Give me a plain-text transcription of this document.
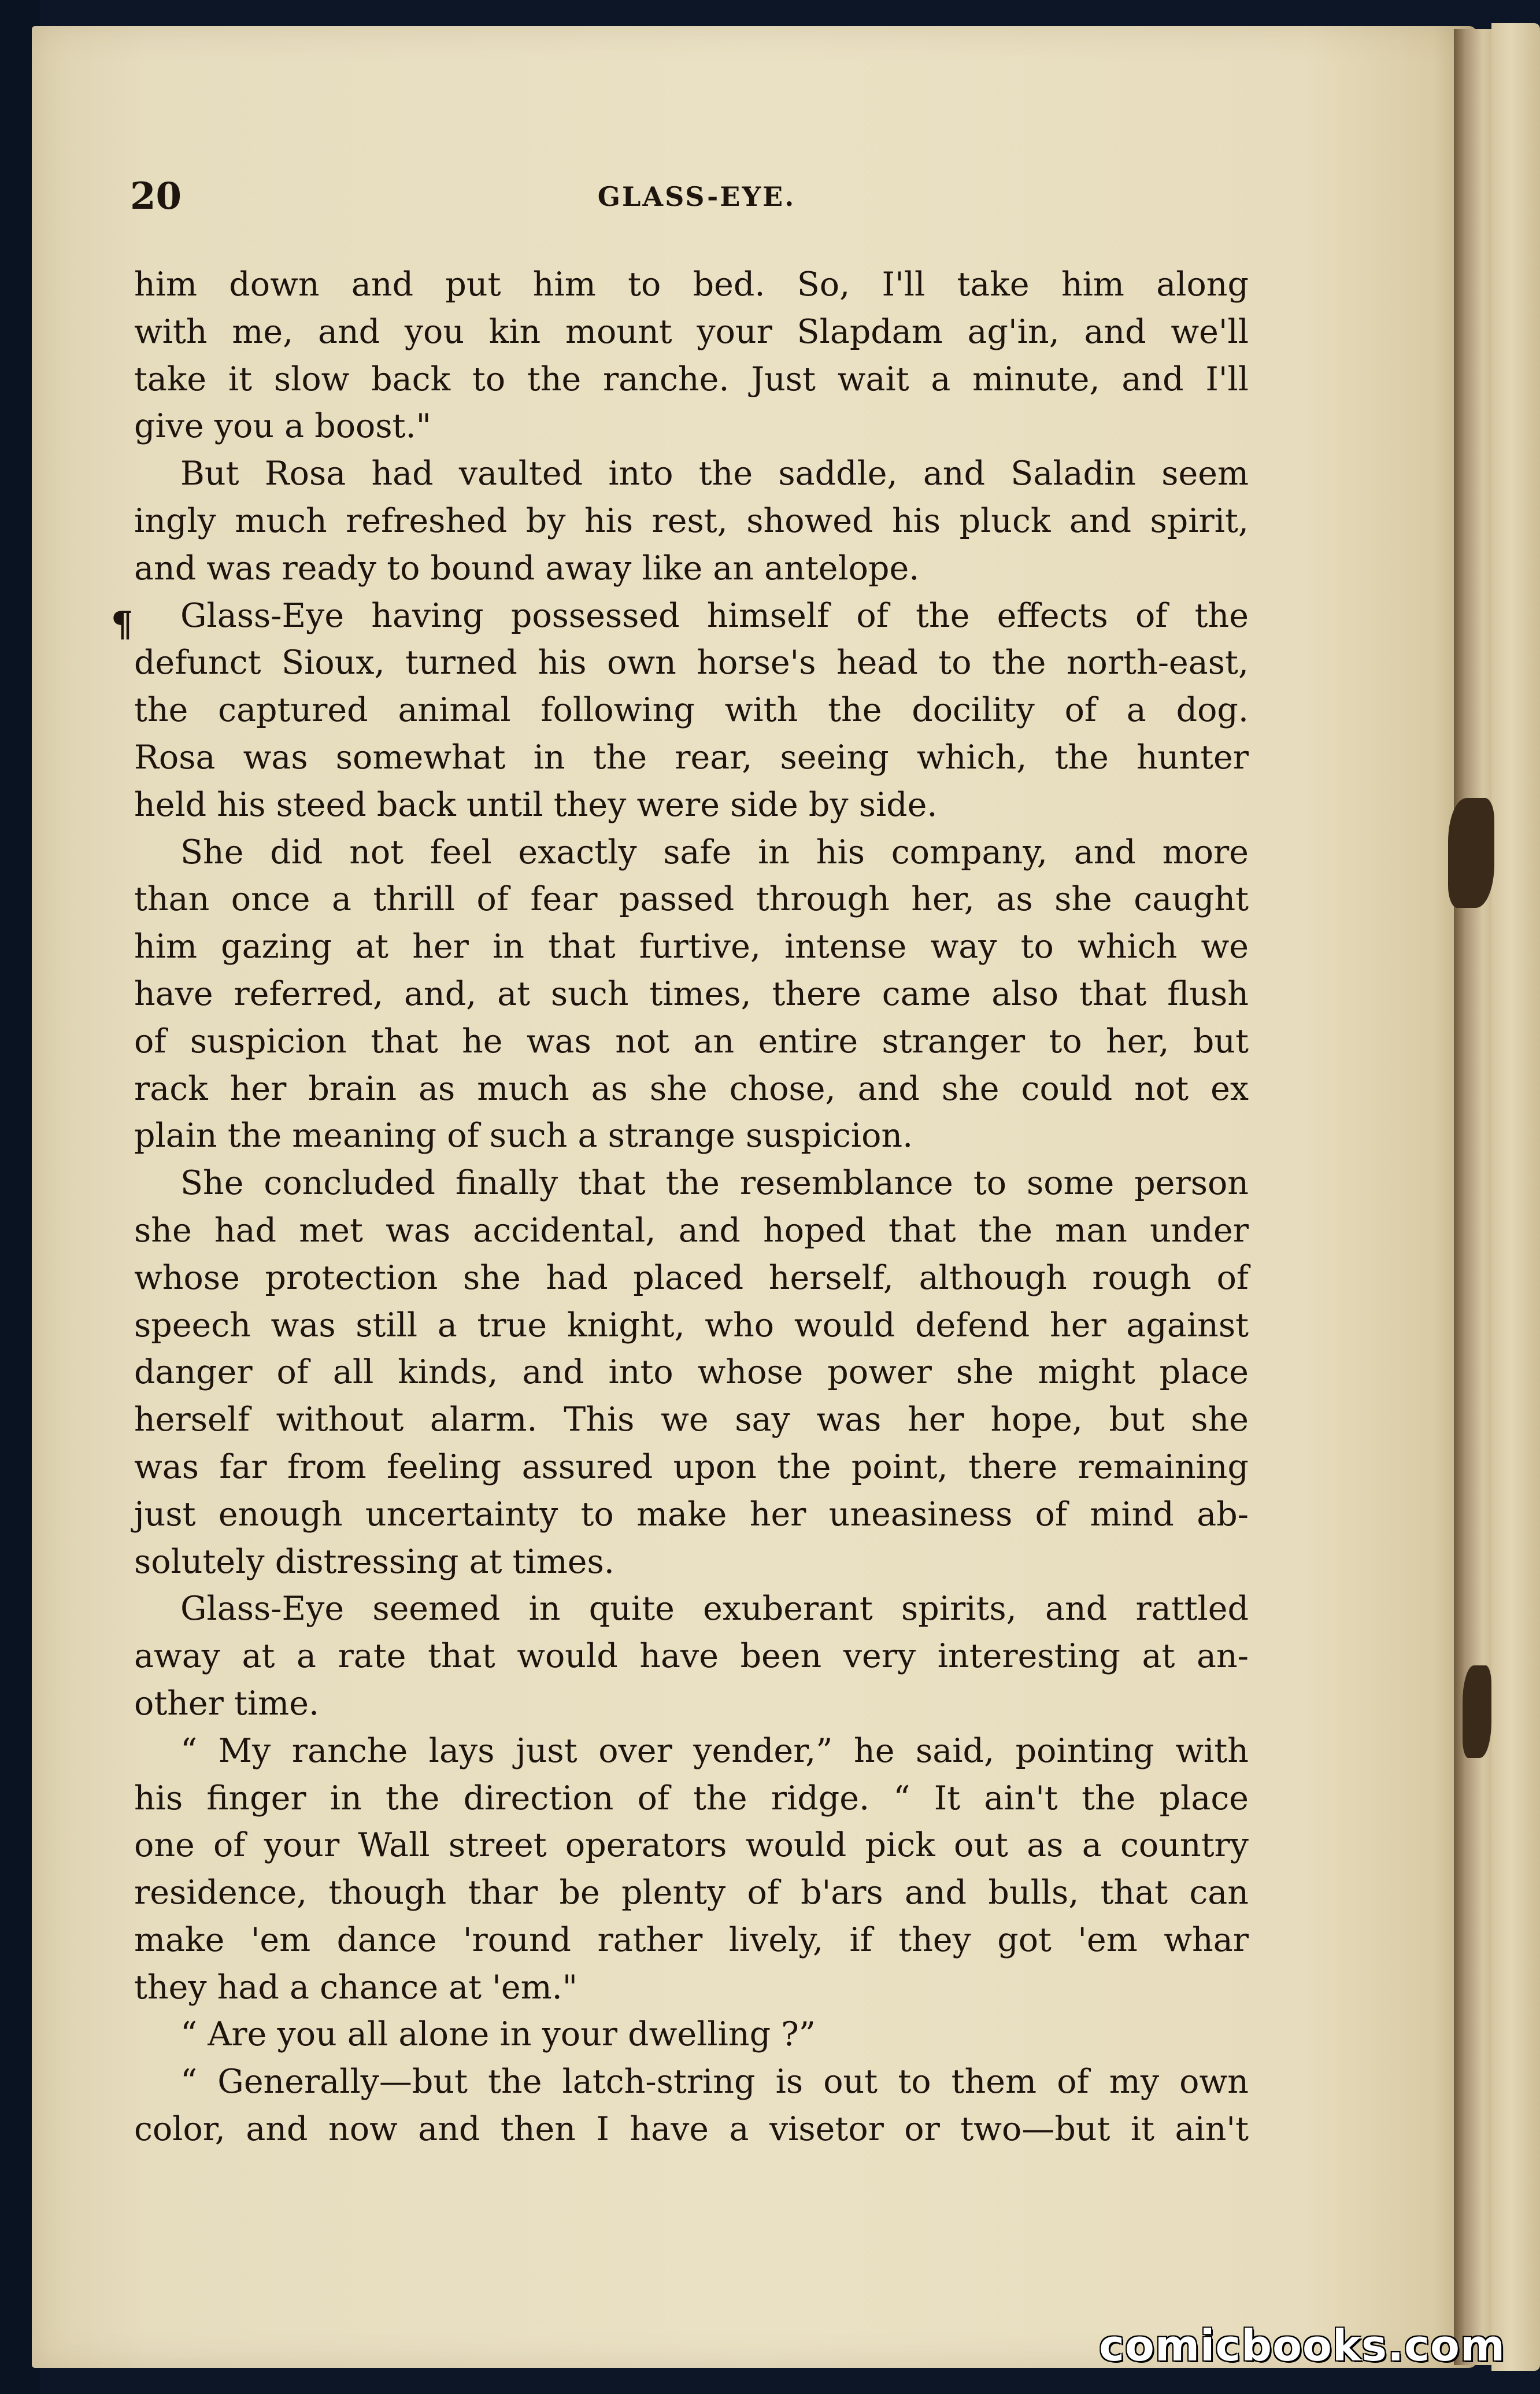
20	GLASS-EYE.
¶
him down and put him to bed. So, I'll take him along
with me, and you kin mount your Slapdam ag'in, and we'll
take it slow back to the ranche. Just wait a minute, and I'll
give you a boost."
But Rosa had vaulted into the saddle, and Saladin seem
ingly much refreshed by his rest, showed his pluck and spirit,
and was ready to bound away like an antelope.
Glass-Eye having possessed himself of the effects of the
defunct Sioux, turned his own horse's head to the north-east,
the captured animal following with the docility of a dog.
Rosa was somewhat in the rear, seeing which, the hunter
held his steed back until they were side by side.
She did not feel exactly safe in his company, and more
than once a thrill of fear passed through her, as she caught
him gazing at her in that furtive, intense way to which we
have referred, and, at such times, there came also that flush
of suspicion that he was not an entire stranger to her, but
rack her brain as much as she chose, and she could not ex
plain the meaning of such a strange suspicion.
She concluded finally that the resemblance to some person
she had met was accidental, and hoped that the man under
whose protection she had placed herself, although rough of
speech was still a true knight, who would defend her against
danger of all kinds, and into whose power she might place
herself without alarm. This we say was her hope, but she
was far from feeling assured upon the point, there remaining
just enough uncertainty to make her uneasiness of mind ab-
solutely distressing at times.
Glass-Eye seemed in quite exuberant spirits, and rattled
away at a rate that would have been very interesting at an-
other time.
“ My ranche lays just over yender,” he said, pointing with
his finger in the direction of the ridge. “ It ain't the place
one of your Wall street operators would pick out as a country
residence, though thar be plenty of b'ars and bulls, that can
make 'em dance 'round rather lively, if they got 'em whar
they had a chance at 'em."
“ Are you all alone in your dwelling ?”
“ Generally—but the latch-string is out to them of my own
color, and now and then I have a visetor or two—but it ain't
comicbooks.com
